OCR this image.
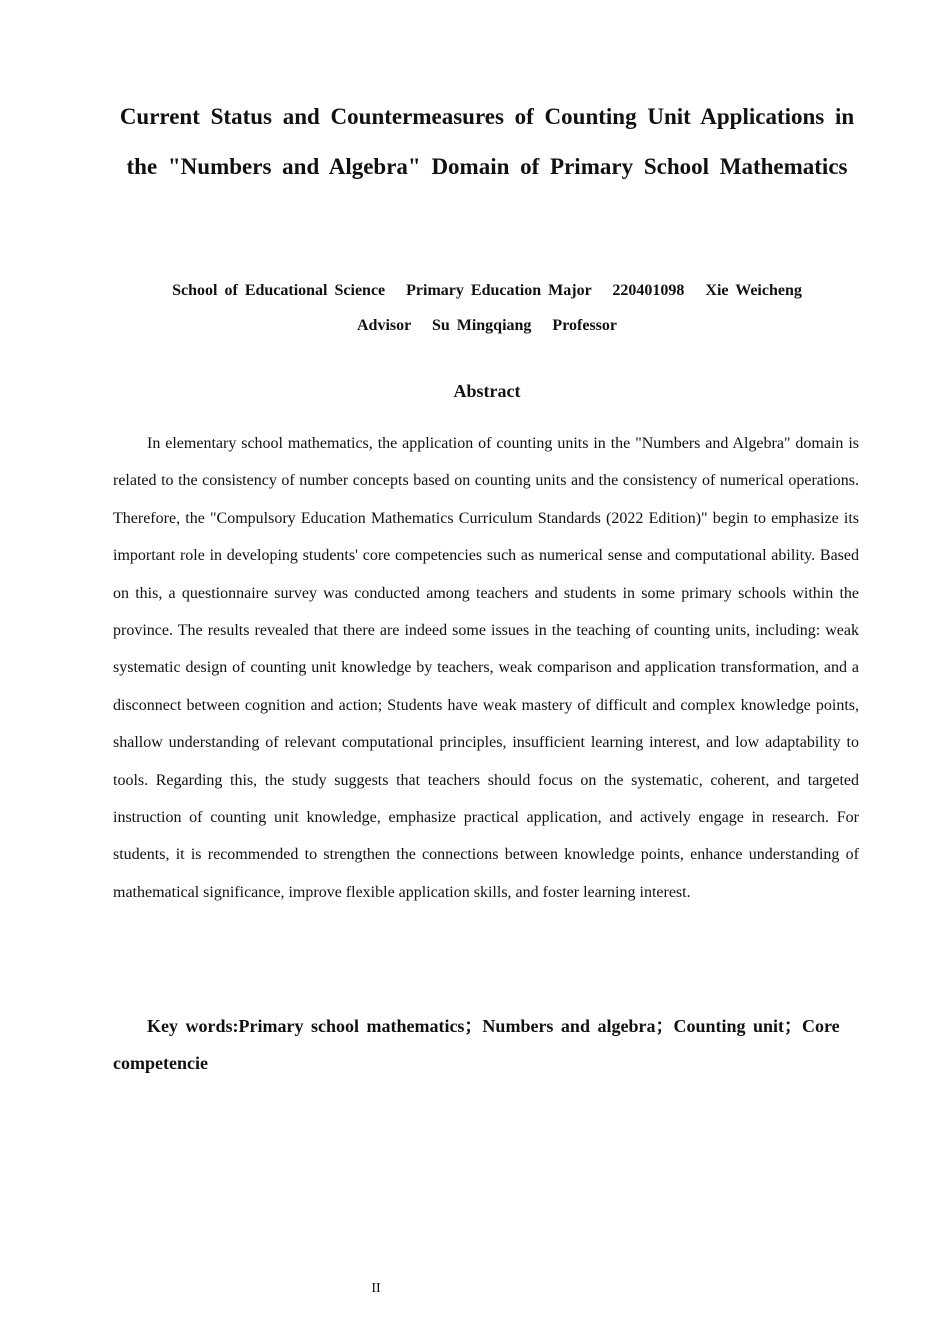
Current Status and Countermeasures of Counting Unit Applications in the "Numbers and Algebra" Domain of Primary School Mathematics
School of Educational Science   Primary Education Major   220401098   Xie Weicheng
Advisor   Su Mingqiang   Professor
Abstract

In elementary school mathematics, the application of counting units in the "Numbers and Algebra" domain is related to the consistency of number concepts based on counting units and the consistency of numerical operations. Therefore, the "Compulsory Education Mathematics Curriculum Standards (2022 Edition)" begin to emphasize its important role in developing students' core competencies such as numerical sense and computational ability. Based on this, a questionnaire survey was conducted among teachers and students in some primary schools within the province. The results revealed that there are indeed some issues in the teaching of counting units, including: weak systematic design of counting unit knowledge by teachers, weak comparison and application transformation, and a disconnect between cognition and action; Students have weak mastery of difficult and complex knowledge points, shallow understanding of relevant computational principles, insufficient learning interest, and low adaptability to tools. Regarding this, the study suggests that teachers should focus on the systematic, coherent, and targeted instruction of counting unit knowledge, emphasize practical application, and actively engage in research. For students, it is recommended to strengthen the connections between knowledge points, enhance understanding of mathematical significance, improve flexible application skills, and foster learning interest.

Key words:Primary school mathematics；Numbers and algebra；Counting unit；Core competencie

II
